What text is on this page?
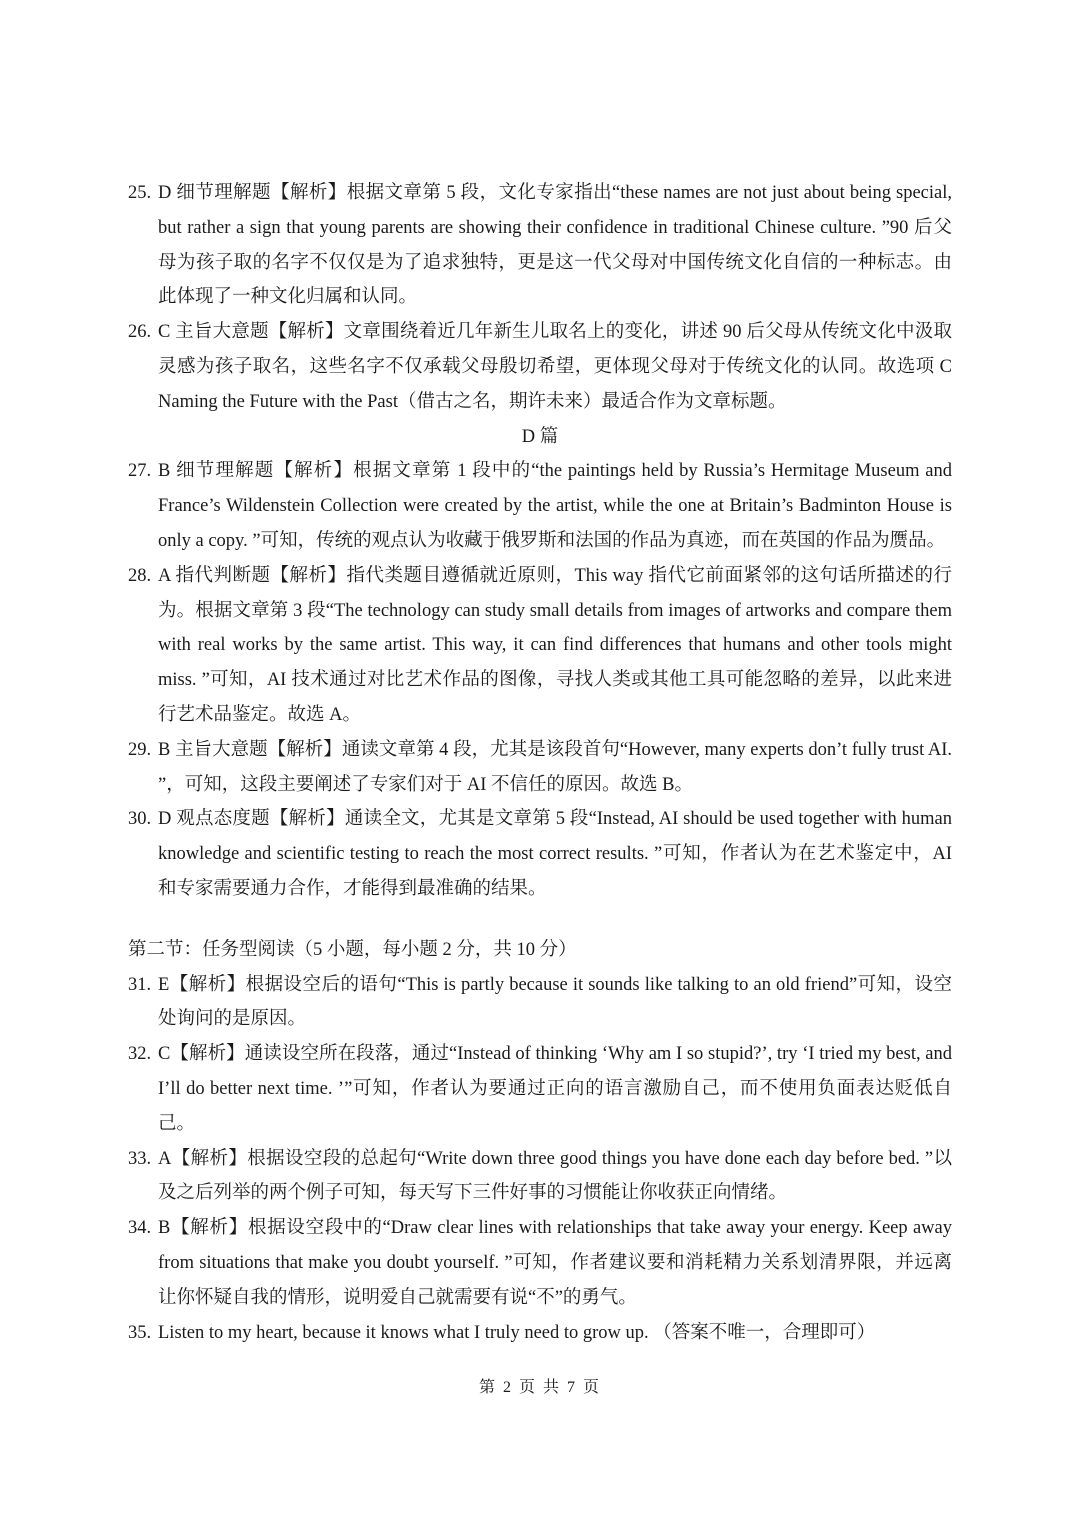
25. D 细节理解题【解析】根据文章第 5 段，文化专家指出“these names are not just about being special, but rather a sign that young parents are showing their confidence in traditional Chinese culture. ”90 后父母为孩子取的名字不仅仅是为了追求独特，更是这一代父母对中国传统文化自信的一种标志。由此体现了一种文化归属和认同。
26. C 主旨大意题【解析】文章围绕着近几年新生儿取名上的变化，讲述 90 后父母从传统文化中汲取灵感为孩子取名，这些名字不仅承载父母殷切希望，更体现父母对于传统文化的认同。故选项 C Naming the Future with the Past（借古之名，期许未来）最适合作为文章标题。
D 篇
27. B 细节理解题【解析】根据文章第 1 段中的“the paintings held by Russia’s Hermitage Museum and France’s Wildenstein Collection were created by the artist, while the one at Britain’s Badminton House is only a copy. ”可知，传统的观点认为收藏于俄罗斯和法国的作品为真迹，而在英国的作品为赝品。
28. A 指代判断题【解析】指代类题目遵循就近原则，This way 指代它前面紧邻的这句话所描述的行为。根据文章第 3 段“The technology can study small details from images of artworks and compare them with real works by the same artist. This way, it can find differences that humans and other tools might miss. ”可知，AI 技术通过对比艺术作品的图像，寻找人类或其他工具可能忽略的差异，以此来进行艺术品鉴定。故选 A。
29. B 主旨大意题【解析】通读文章第 4 段，尤其是该段首句“However, many experts don’t fully trust AI. ”，可知，这段主要阐述了专家们对于 AI 不信任的原因。故选 B。
30. D 观点态度题【解析】通读全文，尤其是文章第 5 段“Instead, AI should be used together with human knowledge and scientific testing to reach the most correct results. ”可知，作者认为在艺术鉴定中，AI 和专家需要通力合作，才能得到最准确的结果。
第二节：任务型阅读（5 小题，每小题 2 分，共 10 分）
31. E【解析】根据设空后的语句“This is partly because it sounds like talking to an old friend”可知，设空处询问的是原因。
32. C【解析】通读设空所在段落，通过“Instead of thinking ‘Why am I so stupid?’, try ‘I tried my best, and I’ll do better next time. ’”可知，作者认为要通过正向的语言激励自己，而不使用负面表达贬低自己。
33. A【解析】根据设空段的总起句“Write down three good things you have done each day before bed. ”以及之后列举的两个例子可知，每天写下三件好事的习惯能让你收获正向情绪。
34. B【解析】根据设空段中的“Draw clear lines with relationships that take away your energy. Keep away from situations that make you doubt yourself. ”可知，作者建议要和消耗精力关系划清界限，并远离让你怀疑自我的情形，说明爱自己就需要有说“不”的勇气。
35. Listen to my heart, because it knows what I truly need to grow up. （答案不唯一，合理即可）
第 2 页 共 7 页
